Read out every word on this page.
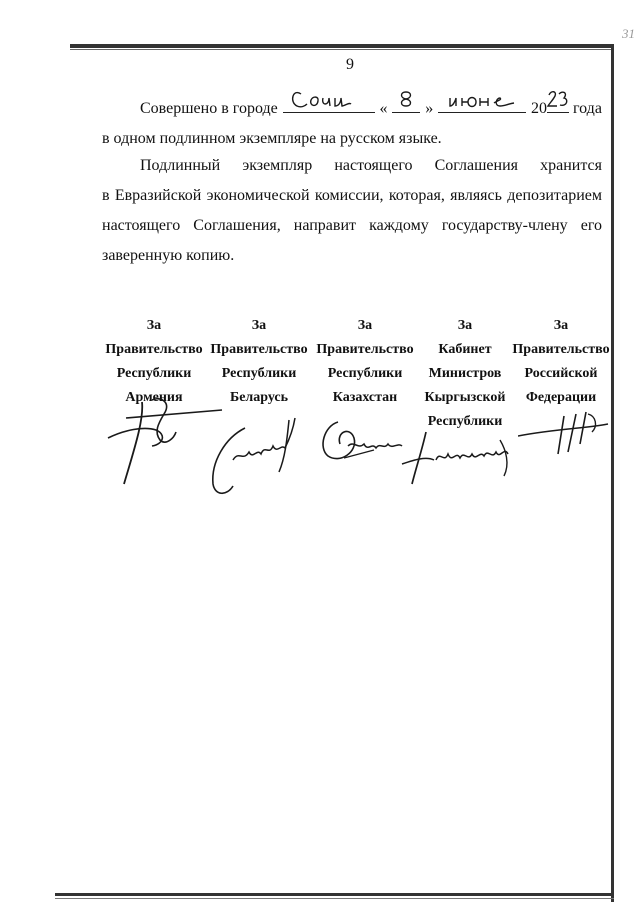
31
9
Совершено в городе	« »	20 года
в одном подлинном экземпляре на русском языке.
Подлинный экземпляр настоящего Соглашения хранится
в Евразийской экономической комиссии, которая, являясь депозитарием
настоящего Соглашения, направит каждому государству-члену его
заверенную копию.
За
Правительство
Республики
Армения
За
Правительство
Республики
Беларусь
За
Правительство
Республики
Казахстан
За
Кабинет
Министров
Кыргызской
Республики
За
Правительство
Российской
Федерации
